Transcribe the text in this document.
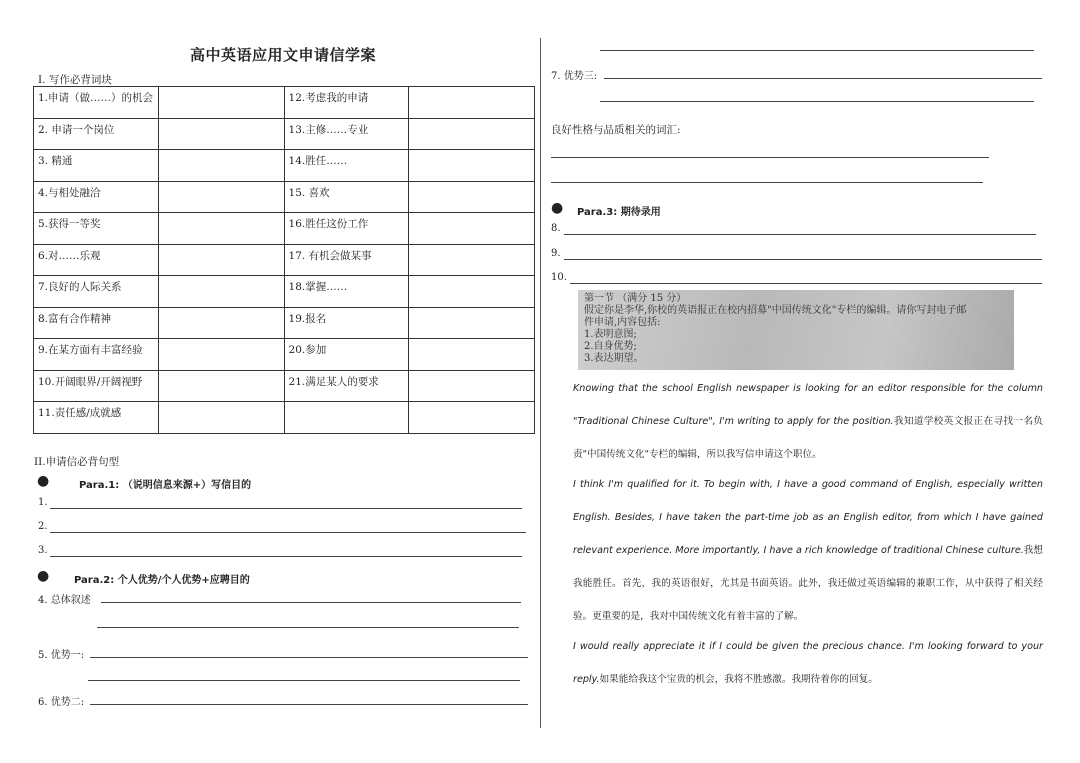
高中英语应用文申请信学案
I. 写作必背词块
1.申请（做……）的机会		12.考虑我的申请	
2. 申请一个岗位		13.主修……专业	
3. 精通		14.胜任……	
4.与相处融洽		15. 喜欢	
5.获得一等奖		16.胜任这份工作	
6.对……乐观		17. 有机会做某事	
7.良好的人际关系		18.掌握……	
8.富有合作精神		19.报名	
9.在某方面有丰富经验		20.参加	
10.开阔眼界/开阔视野		21.满足某人的要求	
11.责任感/成就感			
II.申请信必背句型
●	Para.1: （说明信息来源+）写信目的
1.
2.
3.
● Para.2: 个人优势/个人优势+应聘目的
4. 总体叙述
5. 优势一:
6. 优势二:
7. 优势三:
良好性格与品质相关的词汇:
● Para.3: 期待录用
8.
9.
10.
第一节 （满分 15 分）
假定你是李华,你校的英语报正在校内招募"中国传统文化"专栏的编辑。请你写封电子邮
件申请,内容包括:
1.表明意图;
2.自身优势;
3.表达期望。

Knowing that the school English newspaper is looking for an editor responsible for the column "Traditional Chinese Culture", I'm writing to apply for the position.我知道学校英文报正在寻找一名负责"中国传统文化"专栏的编辑，所以我写信申请这个职位。

I think I'm qualified for it. To begin with, I have a good command of English, especially written English. Besides, I have taken the part-time job as an English editor, from which I have gained relevant experience. More importantly, I have a rich knowledge of traditional Chinese culture.我想我能胜任。首先，我的英语很好，尤其是书面英语。此外，我还做过英语编辑的兼职工作，从中获得了相关经验。更重要的是，我对中国传统文化有着丰富的了解。

I would really appreciate it if I could be given the precious chance. I'm looking forward to your reply.如果能给我这个宝贵的机会，我将不胜感激。我期待着你的回复。
